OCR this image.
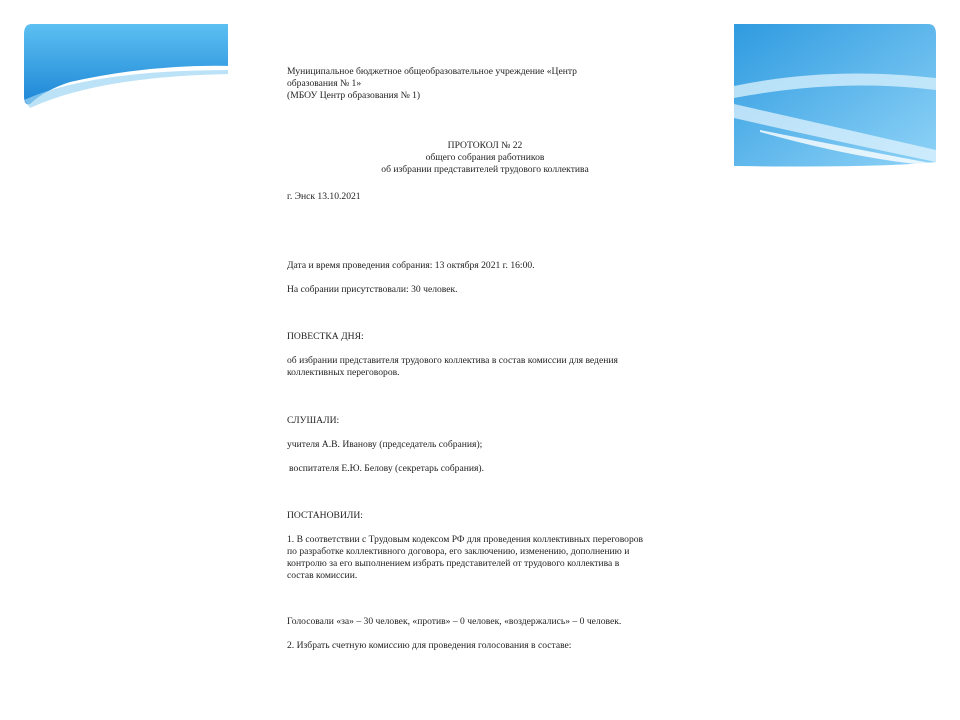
Муниципальное бюджетное общеобразовательное учреждение «Центр
образования № 1»
(МБОУ Центр образования № 1)
ПРОТОКОЛ № 22
общего собрания работников
об избрании представителей трудового коллектива
г. Энск 13.10.2021
Дата и время проведения собрания: 13 октября 2021 г. 16:00.
На собрании присутствовали: 30 человек.
ПОВЕСТКА ДНЯ:
об избрании представителя трудового коллектива в состав комиссии для ведения
коллективных переговоров.
СЛУШАЛИ:
учителя А.В. Иванову (председатель собрания);
воспитателя Е.Ю. Белову (секретарь собрания).
ПОСТАНОВИЛИ:
1. В соответствии с Трудовым кодексом РФ для проведения коллективных переговоров
по разработке коллективного договора, его заключению, изменению, дополнению и
контролю за его выполнением избрать представителей от трудового коллектива в
состав комиссии.
Голосовали «за» – 30 человек, «против» – 0 человек, «воздержались» – 0 человек.
2. Избрать счетную комиссию для проведения голосования в составе:
